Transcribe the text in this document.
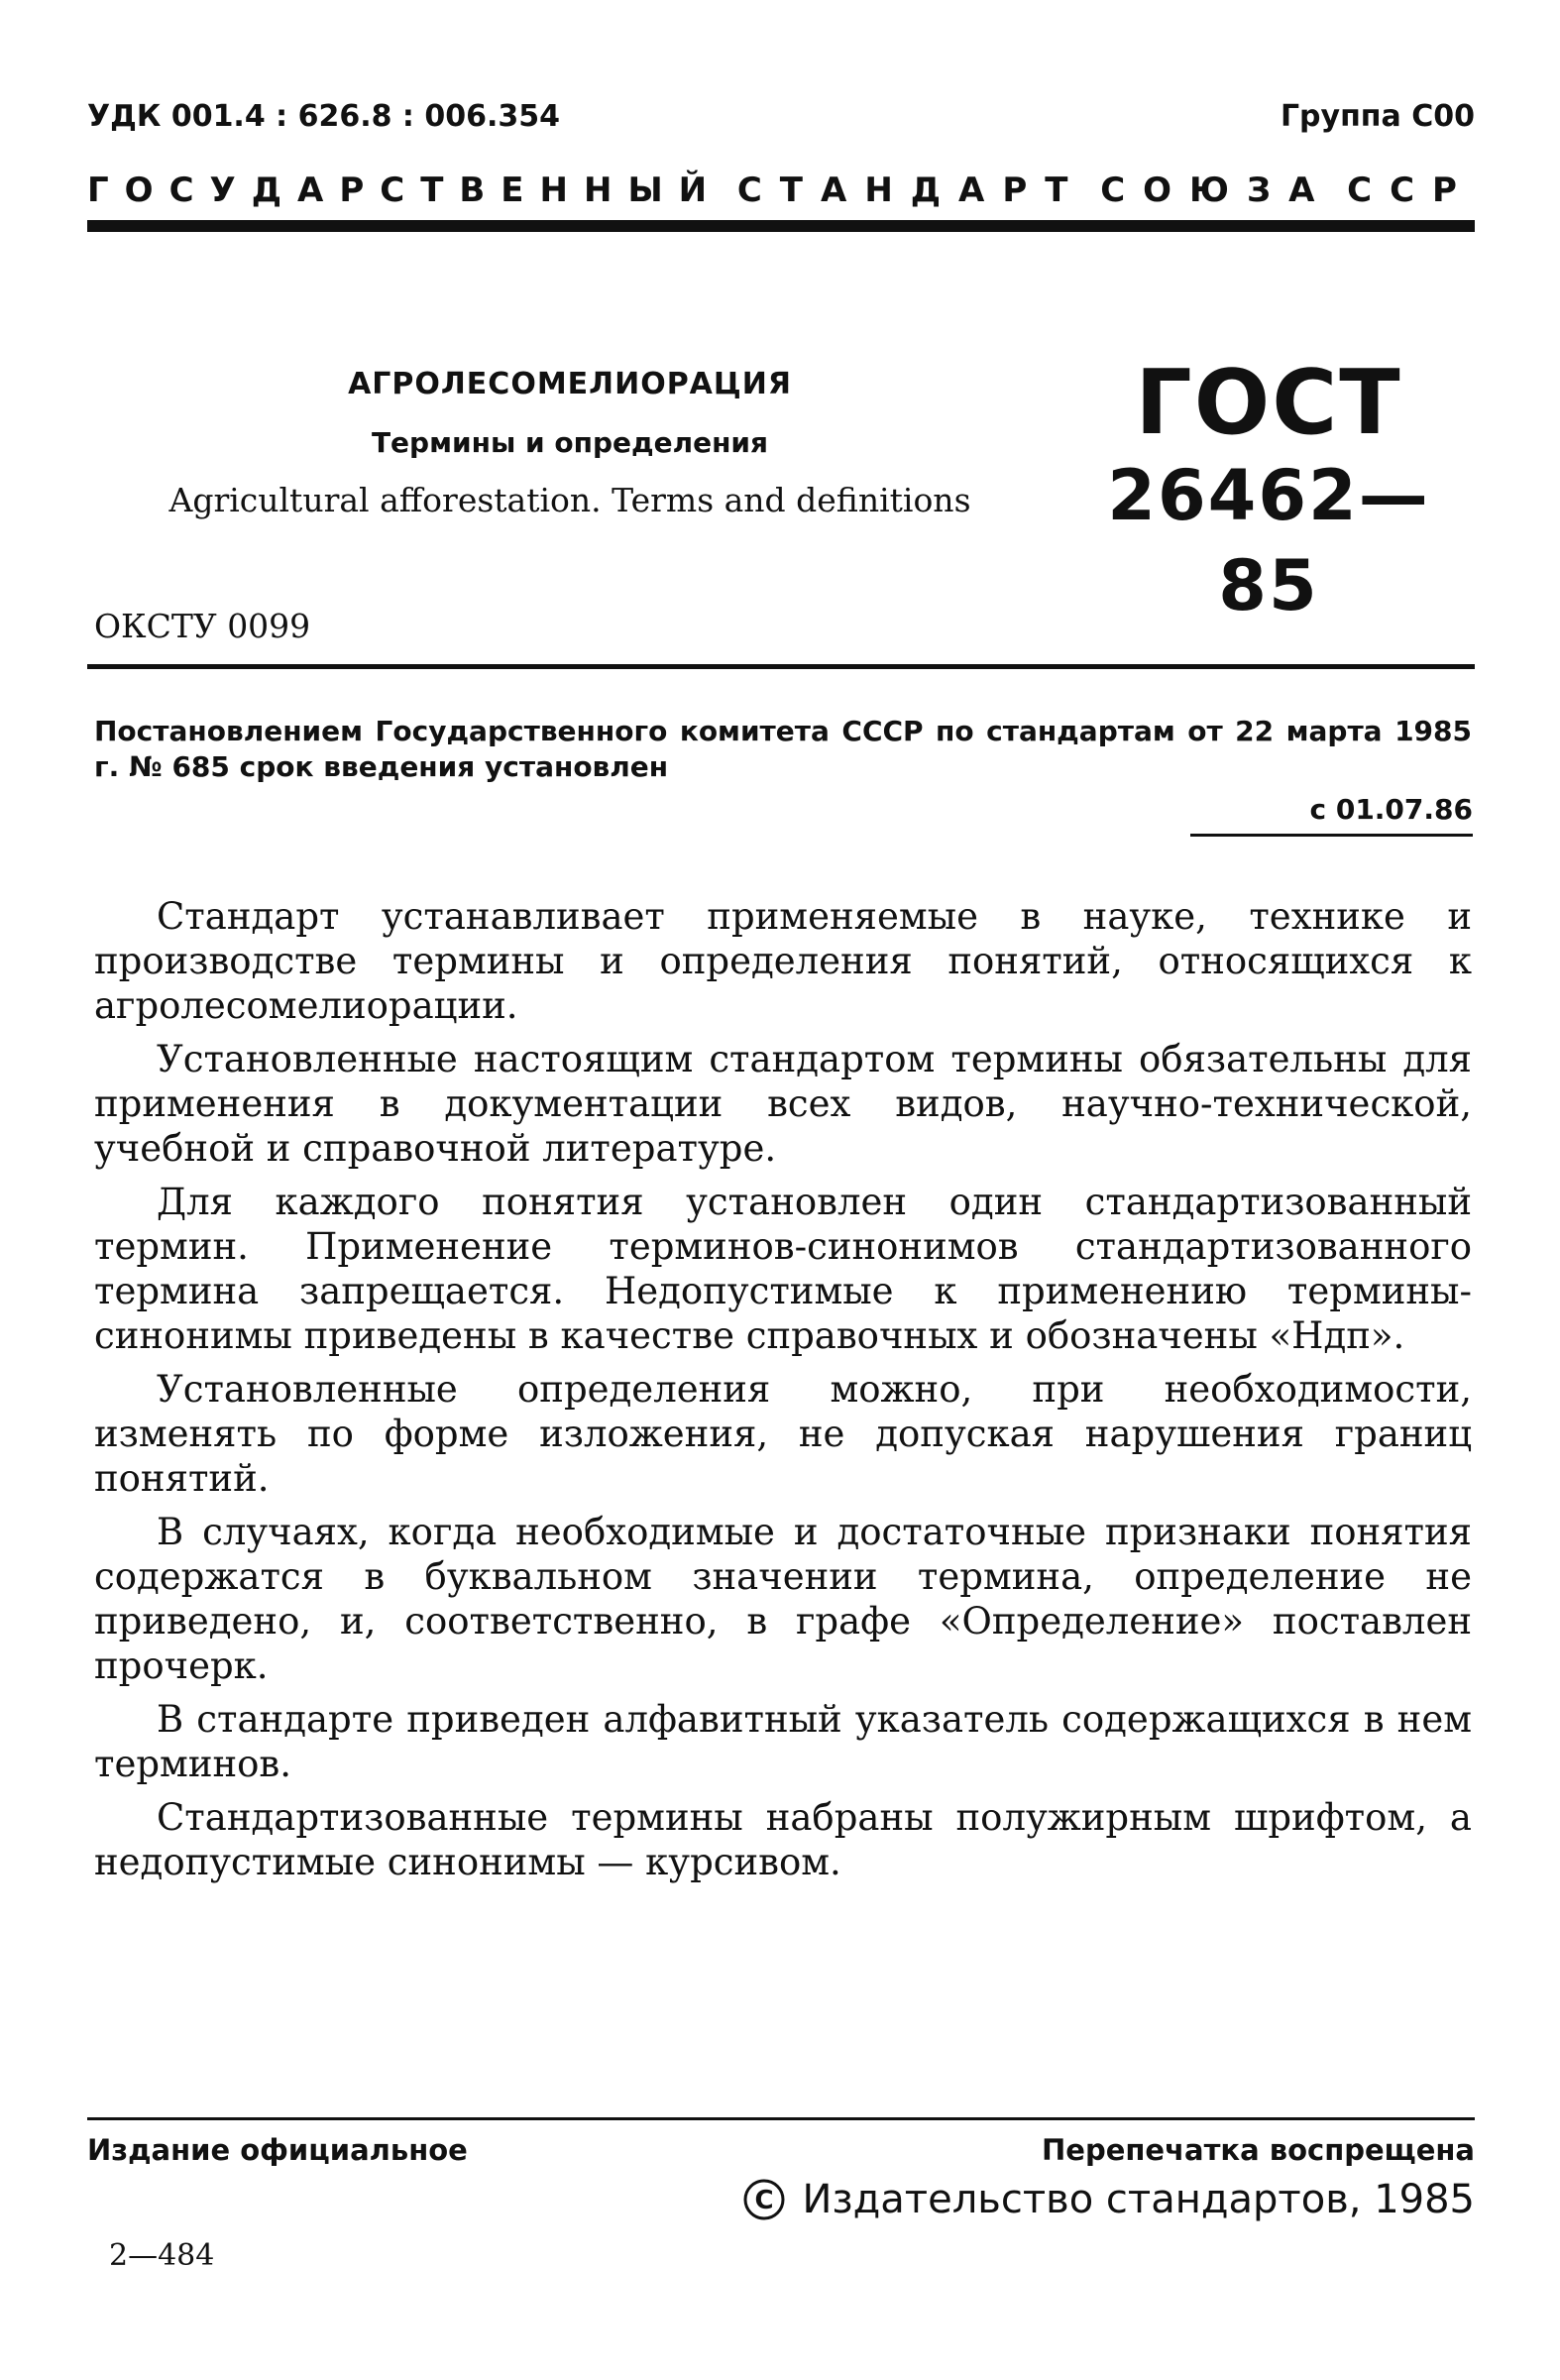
УДК 001.4 : 626.8 : 006.354	Группа С00
ГОСУДАРСТВЕННЫЙ СТАНДАРТ СОЮЗА ССР
АГРОЛЕСОМЕЛИОРАЦИЯ
Термины и определения
Agricultural afforestation. Terms and definitions
ГОСТ
26462—85
ОКСТУ 0099
Постановлением Государственного комитета СССР по стандартам от 22 марта 1985 г. № 685 срок введения установлен
с 01.07.86

Стандарт устанавливает применяемые в науке, технике и производстве термины и определения понятий, относящихся к агролесомелиорации.

Установленные настоящим стандартом термины обязательны для применения в документации всех видов, научно-технической, учебной и справочной литературе.

Для каждого понятия установлен один стандартизованный термин. Применение терминов-синонимов стандартизованного термина запрещается. Недопустимые к применению термины-синонимы приведены в качестве справочных и обозначены «Ндп».

Установленные определения можно, при необходимости, изменять по форме изложения, не допуская нарушения границ понятий.

В случаях, когда необходимые и достаточные признаки понятия содержатся в буквальном значении термина, определение не приведено, и, соответственно, в графе «Определение» поставлен прочерк.

В стандарте приведен алфавитный указатель содержащихся в нем терминов.

Стандартизованные термины набраны полужирным шрифтом, а недопустимые синонимы — курсивом.

Издание официальное	Перепечатка воспрещена
C Издательство стандартов, 1985
2—484
